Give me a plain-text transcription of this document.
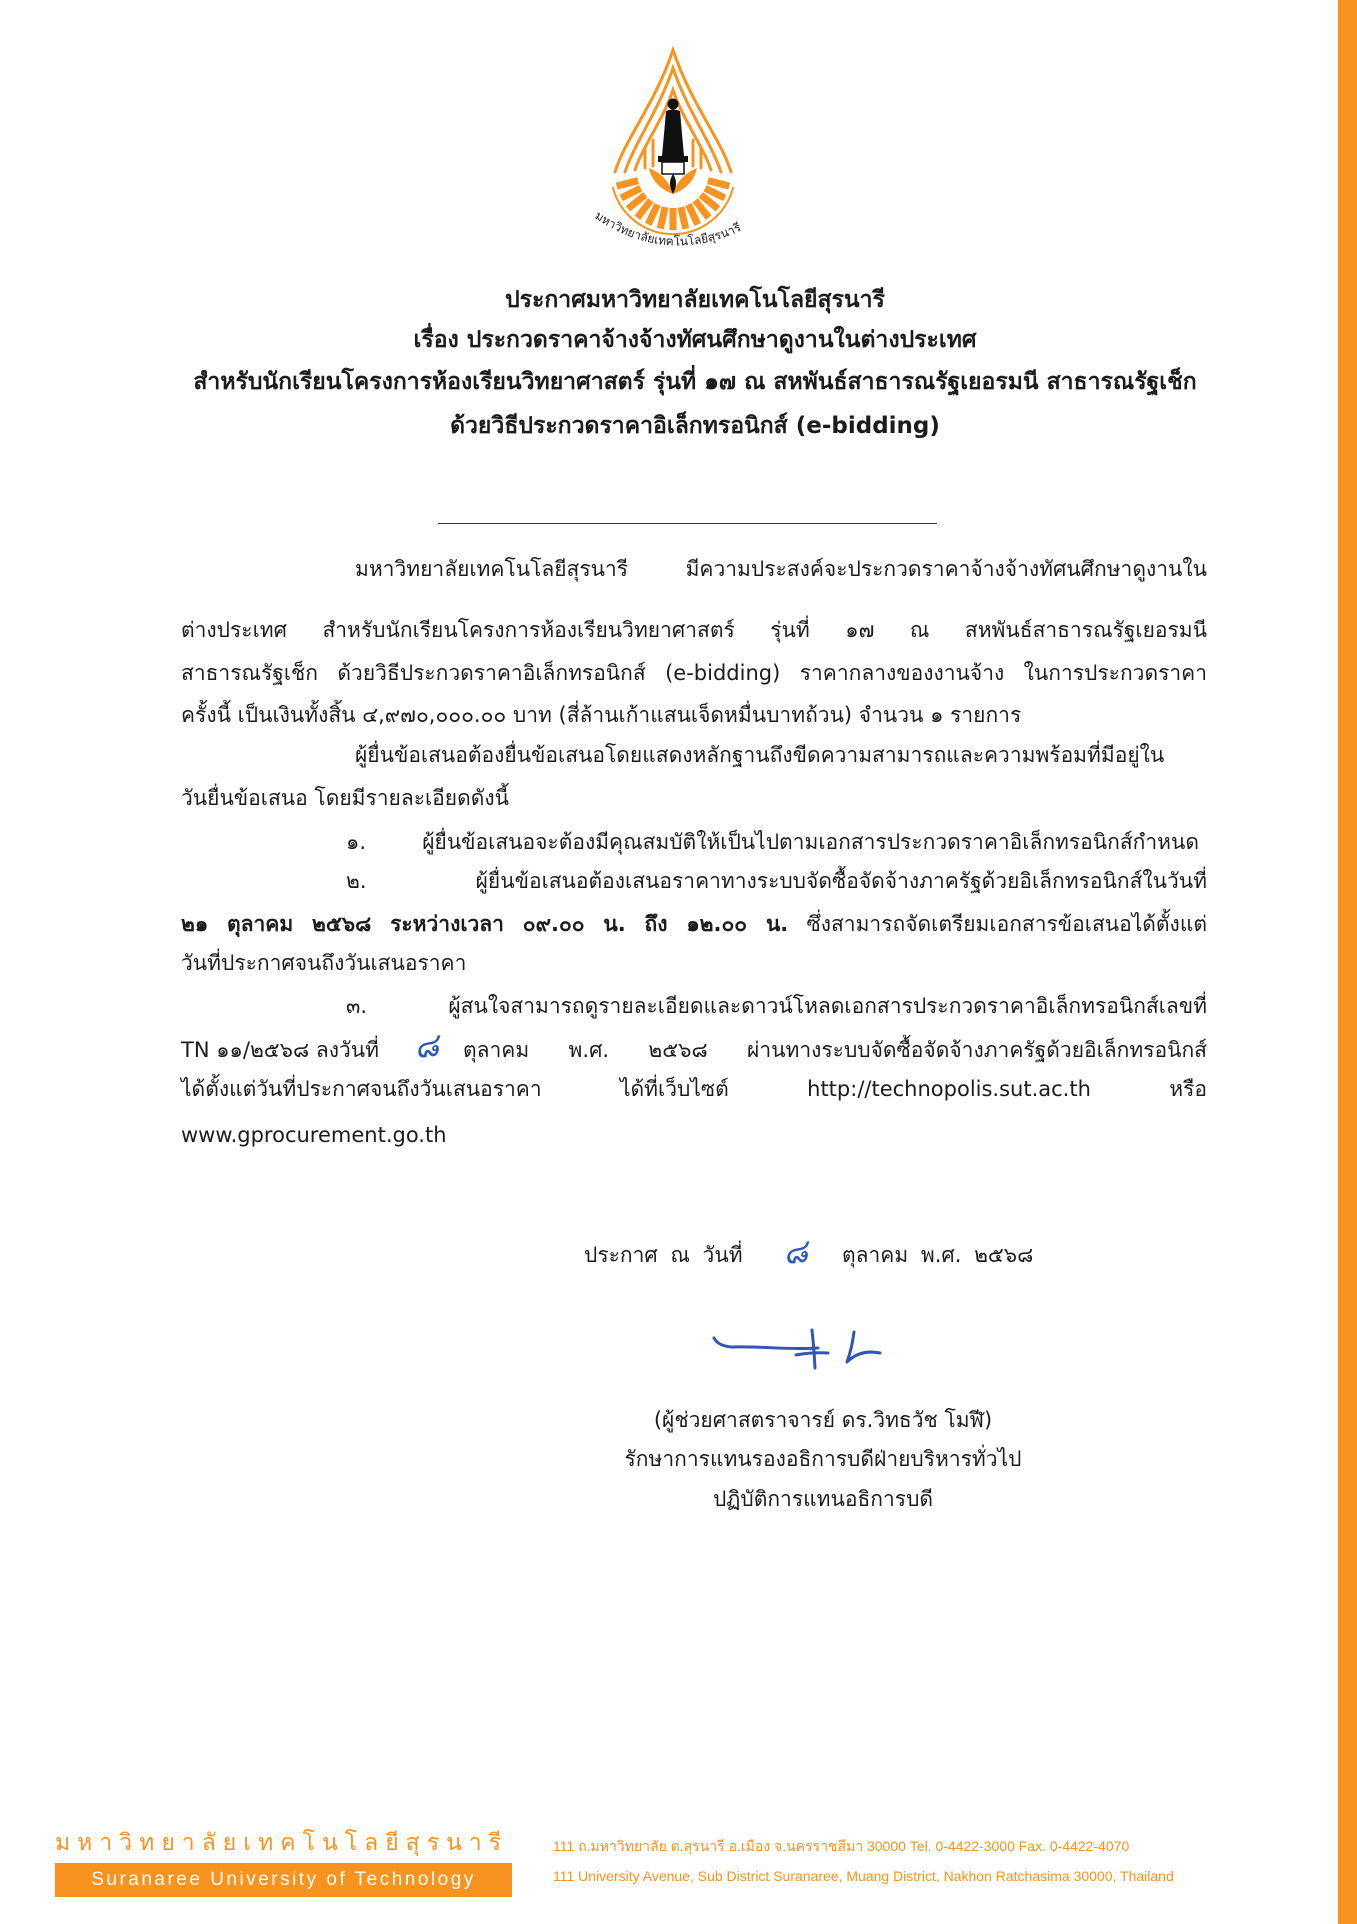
มหาวิทยาลัยเทคโนโลยีสุรนารี
ประกาศมหาวิทยาลัยเทคโนโลยีสุรนารี
เรื่อง ประกวดราคาจ้างจ้างทัศนศึกษาดูงานในต่างประเทศ
สำหรับนักเรียนโครงการห้องเรียนวิทยาศาสตร์ รุ่นที่ ๑๗ ณ สหพันธ์สาธารณรัฐเยอรมนี สาธารณรัฐเช็ก
ด้วยวิธีประกวดราคาอิเล็กทรอนิกส์ (e-bidding)
มหาวิทยาลัยเทคโนโลยีสุรนารี มีความประสงค์จะประกวดราคาจ้างจ้างทัศนศึกษาดูงานใน
ต่างประเทศ สำหรับนักเรียนโครงการห้องเรียนวิทยาศาสตร์ รุ่นที่ ๑๗ ณ สหพันธ์สาธารณรัฐเยอรมนี
สาธารณรัฐเช็ก ด้วยวิธีประกวดราคาอิเล็กทรอนิกส์ (e-bidding) ราคากลางของงานจ้าง ในการประกวดราคา
ครั้งนี้ เป็นเงินทั้งสิ้น ๔,๙๗๐,๐๐๐.๐๐ บาท (สี่ล้านเก้าแสนเจ็ดหมื่นบาทถ้วน) จำนวน ๑ รายการ
ผู้ยื่นข้อเสนอต้องยื่นข้อเสนอโดยแสดงหลักฐานถึงขีดความสามารถและความพร้อมที่มีอยู่ใน
วันยื่นข้อเสนอ โดยมีรายละเอียดดังนี้
๑. ผู้ยื่นข้อเสนอจะต้องมีคุณสมบัติให้เป็นไปตามเอกสารประกวดราคาอิเล็กทรอนิกส์กำหนด
๒. ผู้ยื่นข้อเสนอต้องเสนอราคาทางระบบจัดซื้อจัดจ้างภาครัฐด้วยอิเล็กทรอนิกส์ในวันที่
๒๑ ตุลาคม ๒๕๖๘ ระหว่างเวลา ๐๙.๐๐ น. ถึง ๑๒.๐๐ น. ซึ่งสามารถจัดเตรียมเอกสารข้อเสนอได้ตั้งแต่
วันที่ประกาศจนถึงวันเสนอราคา
๓. ผู้สนใจสามารถดูรายละเอียดและดาวน์โหลดเอกสารประกวดราคาอิเล็กทรอนิกส์เลขที่
TN ๑๑/๒๕๖๘ ลงวันที่ ๘ ตุลาคม พ.ศ. ๒๕๖๘ ผ่านทางระบบจัดซื้อจัดจ้างภาครัฐด้วยอิเล็กทรอนิกส์
ได้ตั้งแต่วันที่ประกาศจนถึงวันเสนอราคา ได้ที่เว็บไซต์ http://technopolis.sut.ac.th หรือ
www.gprocurement.go.th
ประกาศ ณ วันที่ ๘ ตุลาคม พ.ศ. ๒๕๖๘
(ผู้ช่วยศาสตราจารย์ ดร.วิทธวัช โมฬี)
รักษาการแทนรองอธิการบดีฝ่ายบริหารทั่วไป
ปฏิบัติการแทนอธิการบดี
มหาวิทยาลัยเทคโนโลยีสุรนารี
Suranaree University of Technology
111 ถ.มหาวิทยาลัย ต.สุรนารี อ.เมือง จ.นครราชสีมา 30000 Tel. 0-4422-3000 Fax. 0-4422-4070
111 University Avenue, Sub District Suranaree, Muang District, Nakhon Ratchasima 30000, Thailand
